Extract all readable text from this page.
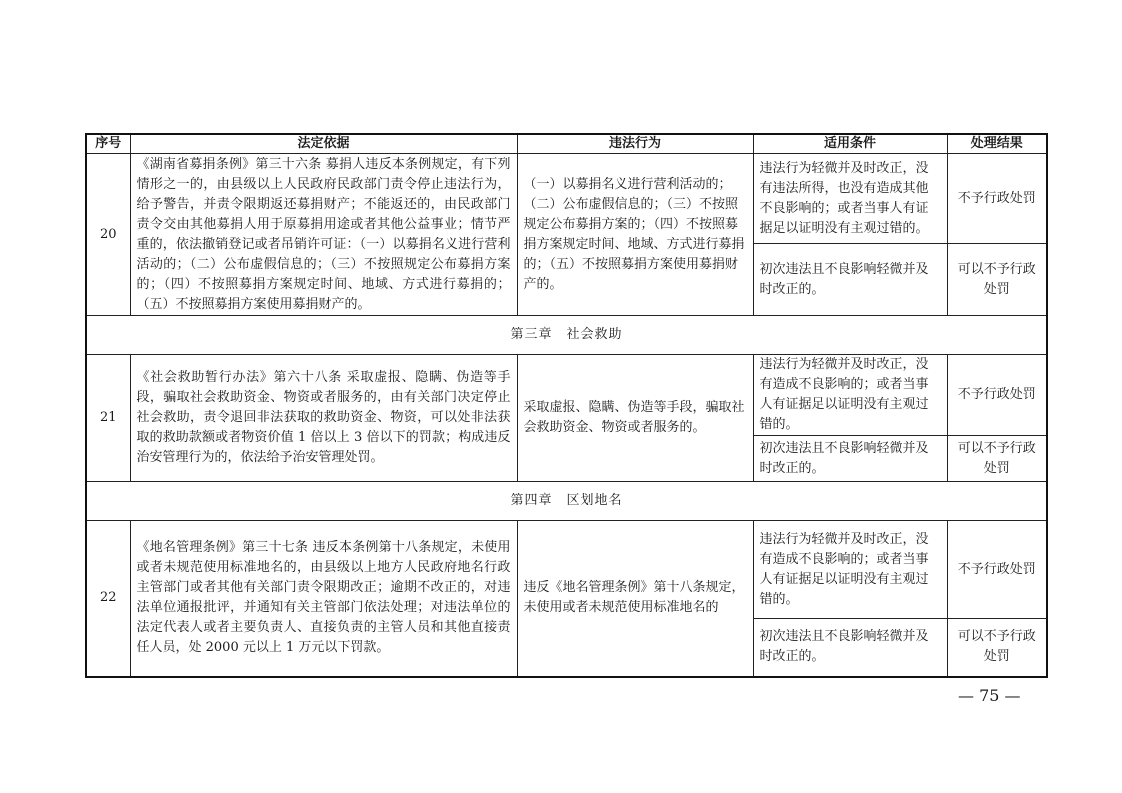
序号	法定依据	违法行为	适用条件	处理结果
20	《湖南省募捐条例》第三十六条 募捐人违反本条例规定，有下列情形之一的，由县级以上人民政府民政部门责令停止违法行为，给予警告，并责令限期返还募捐财产；不能返还的，由民政部门责令交由其他募捐人用于原募捐用途或者其他公益事业；情节严重的，依法撤销登记或者吊销许可证：（一）以募捐名义进行营利活动的；（二）公布虚假信息的；（三）不按照规定公布募捐方案的；（四）不按照募捐方案规定时间、地域、方式进行募捐的；（五）不按照募捐方案使用募捐财产的。	（一）以募捐名义进行营利活动的；（二）公布虚假信息的；（三）不按照规定公布募捐方案的；（四）不按照募捐方案规定时间、地域、方式进行募捐的；（五）不按照募捐方案使用募捐财产的。	违法行为轻微并及时改正，没有违法所得，也没有造成其他不良影响的；或者当事人有证据足以证明没有主观过错的。	不予行政处罚
			初次违法且不良影响轻微并及时改正的。	可以不予行政处罚
第三章　社会救助				
21	《社会救助暂行办法》第六十八条 采取虚报、隐瞒、伪造等手段，骗取社会救助资金、物资或者服务的，由有关部门决定停止社会救助，责令退回非法获取的救助资金、物资，可以处非法获取的救助款额或者物资价值 1 倍以上 3 倍以下的罚款；构成违反治安管理行为的，依法给予治安管理处罚。	采取虚报、隐瞒、伪造等手段，骗取社会救助资金、物资或者服务的。	违法行为轻微并及时改正，没有造成不良影响的；或者当事人有证据足以证明没有主观过错的。	不予行政处罚
			初次违法且不良影响轻微并及时改正的。	可以不予行政处罚
第四章　区划地名				
22	《地名管理条例》第三十七条 违反本条例第十八条规定，未使用或者未规范使用标准地名的，由县级以上地方人民政府地名行政主管部门或者其他有关部门责令限期改正；逾期不改正的，对违法单位通报批评，并通知有关主管部门依法处理；对违法单位的法定代表人或者主要负责人、直接负责的主管人员和其他直接责任人员，处 2000 元以上 1 万元以下罚款。	违反《地名管理条例》第十八条规定，未使用或者未规范使用标准地名的	违法行为轻微并及时改正，没有造成不良影响的；或者当事人有证据足以证明没有主观过错的。	不予行政处罚
			初次违法且不良影响轻微并及时改正的。	可以不予行政处罚
— 75 —
